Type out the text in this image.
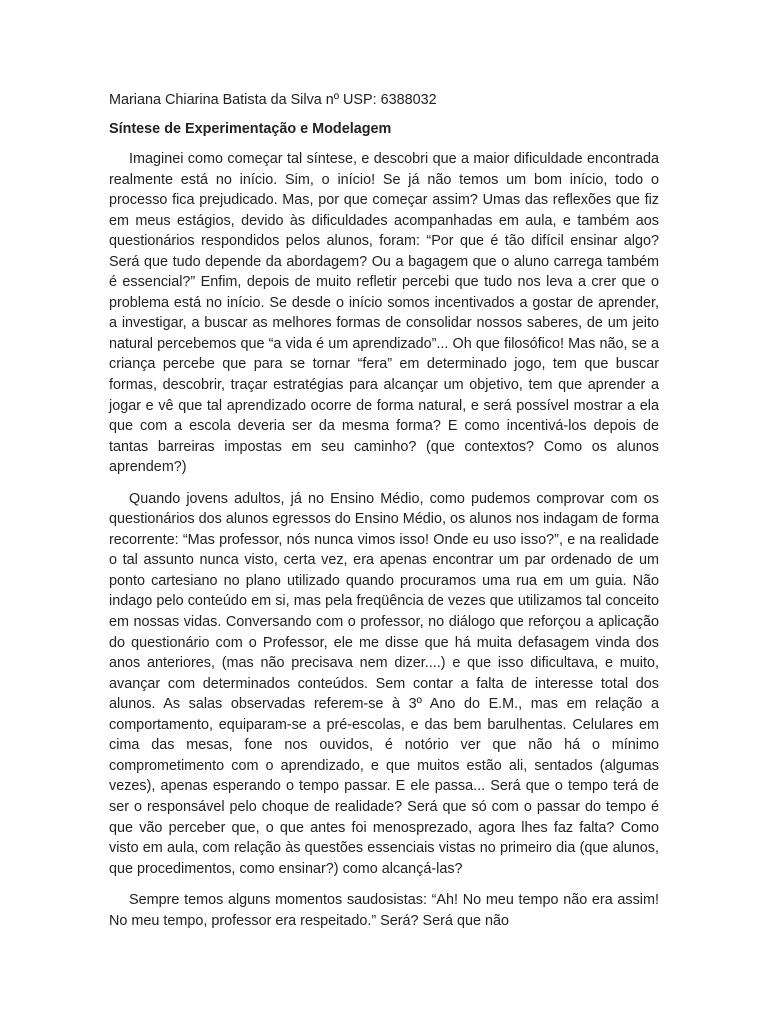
Mariana Chiarina Batista da Silva nº USP: 6388032

Síntese de Experimentação e Modelagem

Imaginei como começar tal síntese, e descobri que a maior dificuldade encontrada realmente está no início. Sim, o início! Se já não temos um bom início, todo o processo fica prejudicado. Mas, por que começar assim? Umas das reflexões que fiz em meus estágios, devido às dificuldades acompanhadas em aula, e também aos questionários respondidos pelos alunos, foram: “Por que é tão difícil ensinar algo? Será que tudo depende da abordagem? Ou a bagagem que o aluno carrega também é essencial?” Enfim, depois de muito refletir percebi que tudo nos leva a crer que o problema está no início. Se desde o início somos incentivados a gostar de aprender, a investigar, a buscar as melhores formas de consolidar nossos saberes, de um jeito natural percebemos que “a vida é um aprendizado”... Oh que filosófico! Mas não, se a criança percebe que para se tornar “fera” em determinado jogo, tem que buscar formas, descobrir, traçar estratégias para alcançar um objetivo, tem que aprender a jogar e vê que tal aprendizado ocorre de forma natural, e será possível mostrar a ela que com a escola deveria ser da mesma forma? E como incentivá-los depois de tantas barreiras impostas em seu caminho? (que contextos? Como os alunos aprendem?)

Quando jovens adultos, já no Ensino Médio, como pudemos comprovar com os questionários dos alunos egressos do Ensino Médio, os alunos nos indagam de forma recorrente: “Mas professor, nós nunca vimos isso! Onde eu uso isso?”, e na realidade o tal assunto nunca visto, certa vez, era apenas encontrar um par ordenado de um ponto cartesiano no plano utilizado quando procuramos uma rua em um guia. Não indago pelo conteúdo em si, mas pela freqüência de vezes que utilizamos tal conceito em nossas vidas. Conversando com o professor, no diálogo que reforçou a aplicação do questionário com o Professor, ele me disse que há muita defasagem vinda dos anos anteriores, (mas não precisava nem dizer....) e que isso dificultava, e muito, avançar com determinados conteúdos. Sem contar a falta de interesse total dos alunos. As salas observadas referem-se à 3º Ano do E.M., mas em relação a comportamento, equiparam-se a pré-escolas, e das bem barulhentas. Celulares em cima das mesas, fone nos ouvidos, é notório ver que não há o mínimo comprometimento com o aprendizado, e que muitos estão ali, sentados (algumas vezes), apenas esperando o tempo passar. E ele passa... Será que o tempo terá de ser o responsável pelo choque de realidade? Será que só com o passar do tempo é que vão perceber que, o que antes foi menosprezado, agora lhes faz falta? Como visto em aula, com relação às questões essenciais vistas no primeiro dia (que alunos, que procedimentos, como ensinar?) como alcançá-las?

Sempre temos alguns momentos saudosistas: “Ah! No meu tempo não era assim! No meu tempo, professor era respeitado.” Será? Será que não
